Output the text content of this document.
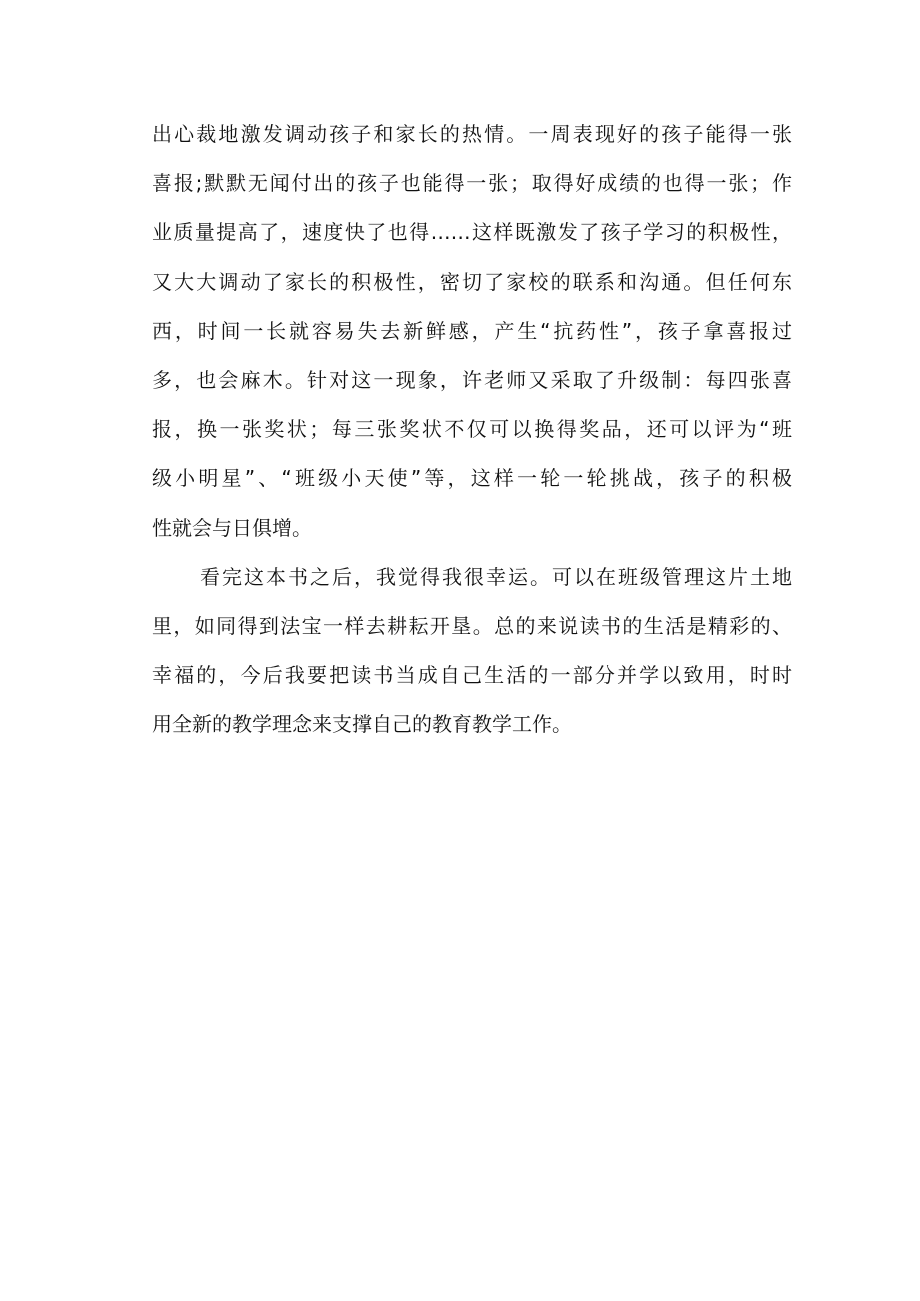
出心裁地激发调动孩子和家长的热情。一周表现好的孩子能得一张
喜报;默默无闻付出的孩子也能得一张；取得好成绩的也得一张；作
业质量提高了，速度快了也得……这样既激发了孩子学习的积极性，
又大大调动了家长的积极性，密切了家校的联系和沟通。但任何东
西，时间一长就容易失去新鲜感，产生“抗药性”，孩子拿喜报过
多，也会麻木。针对这一现象，许老师又采取了升级制：每四张喜
报，换一张奖状；每三张奖状不仅可以换得奖品，还可以评为“班
级小明星”、“班级小天使”等，这样一轮一轮挑战，孩子的积极
性就会与日俱增。
看完这本书之后，我觉得我很幸运。可以在班级管理这片土地
里，如同得到法宝一样去耕耘开垦。总的来说读书的生活是精彩的、
幸福的，今后我要把读书当成自己生活的一部分并学以致用，时时
用全新的教学理念来支撑自己的教育教学工作。
